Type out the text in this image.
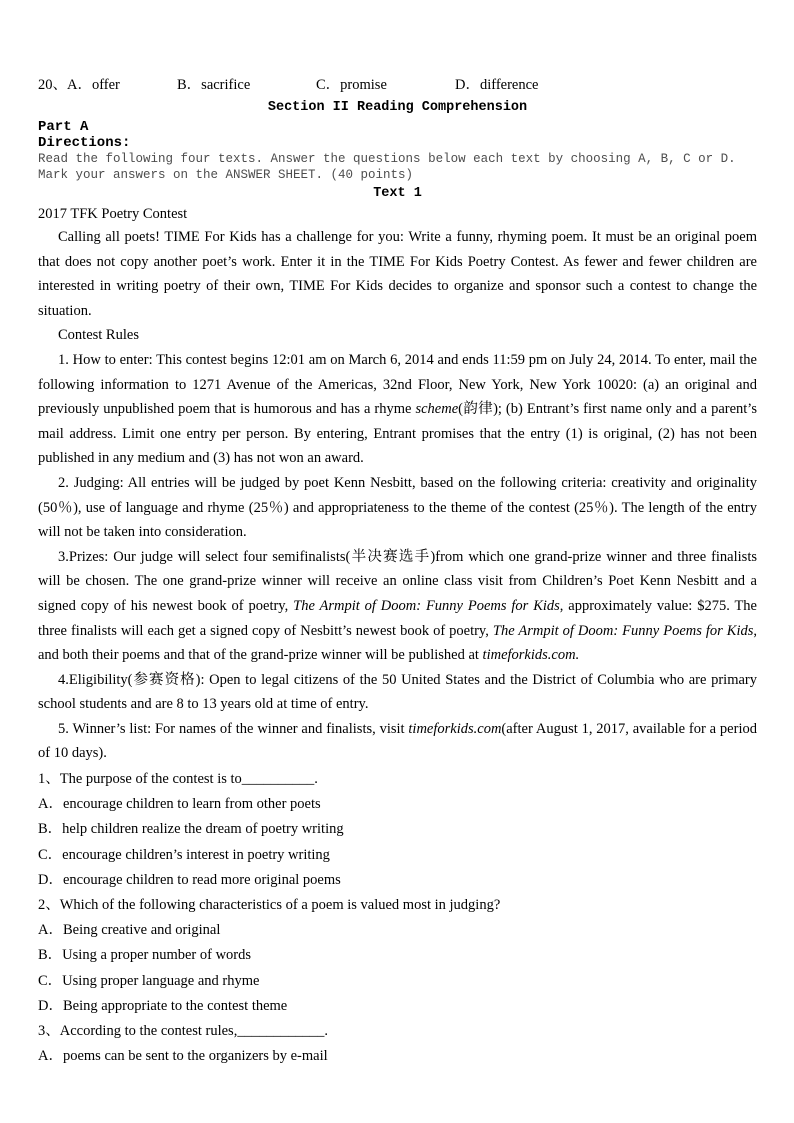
20、A．offer	B．sacrifice	C．promise	D．difference
Section II Reading Comprehension
Part A
Directions:
Read the following four texts. Answer the questions below each text by choosing A, B, C or D. Mark your answers on the ANSWER SHEET. (40 points)
Text 1
2017 TFK Poetry Contest

Calling all poets! TIME For Kids has a challenge for you: Write a funny, rhyming poem. It must be an original poem that does not copy another poet’s work. Enter it in the TIME For Kids Poetry Contest. As fewer and fewer children are interested in writing poetry of their own, TIME For Kids decides to organize and sponsor such a contest to change the situation.

Contest Rules

1. How to enter: This contest begins 12:01 am on March 6, 2014 and ends 11:59 pm on July 24, 2014. To enter, mail the following information to 1271 Avenue of the Americas, 32nd Floor, New York, New York 10020: (a) an original and previously unpublished poem that is humorous and has a rhyme scheme(韵律); (b) Entrant’s first name only and a parent’s mail address. Limit one entry per person. By entering, Entrant promises that the entry (1) is original, (2) has not been published in any medium and (3) has not won an award.

2. Judging: All entries will be judged by poet Kenn Nesbitt, based on the following criteria: creativity and originality (50％), use of language and rhyme (25％) and appropriateness to the theme of the contest (25％). The length of the entry will not be taken into consideration.

3.Prizes: Our judge will select four semifinalists(半决赛选手)from which one grand-prize winner and three finalists will be chosen. The one grand-prize winner will receive an online class visit from Children’s Poet Kenn Nesbitt and a signed copy of his newest book of poetry, The Armpit of Doom: Funny Poems for Kids, approximately value: $275. The three finalists will each get a signed copy of Nesbitt’s newest book of poetry, The Armpit of Doom: Funny Poems for Kids, and both their poems and that of the grand-prize winner will be published at timeforkids.com.

4.Eligibility(参赛资格): Open to legal citizens of the 50 United States and the District of Columbia who are primary school students and are 8 to 13 years old at time of entry.

5. Winner’s list: For names of the winner and finalists, visit timeforkids.com(after August 1, 2017, available for a period of 10 days).

1、The purpose of the contest is to__________.
A．encourage children to learn from other poets
B．help children realize the dream of poetry writing
C．encourage children’s interest in poetry writing
D．encourage children to read more original poems
2、Which of the following characteristics of a poem is valued most in judging?
A．Being creative and original
B．Using a proper number of words
C．Using proper language and rhyme
D．Being appropriate to the contest theme
3、According to the contest rules,____________.
A．poems can be sent to the organizers by e-mail
